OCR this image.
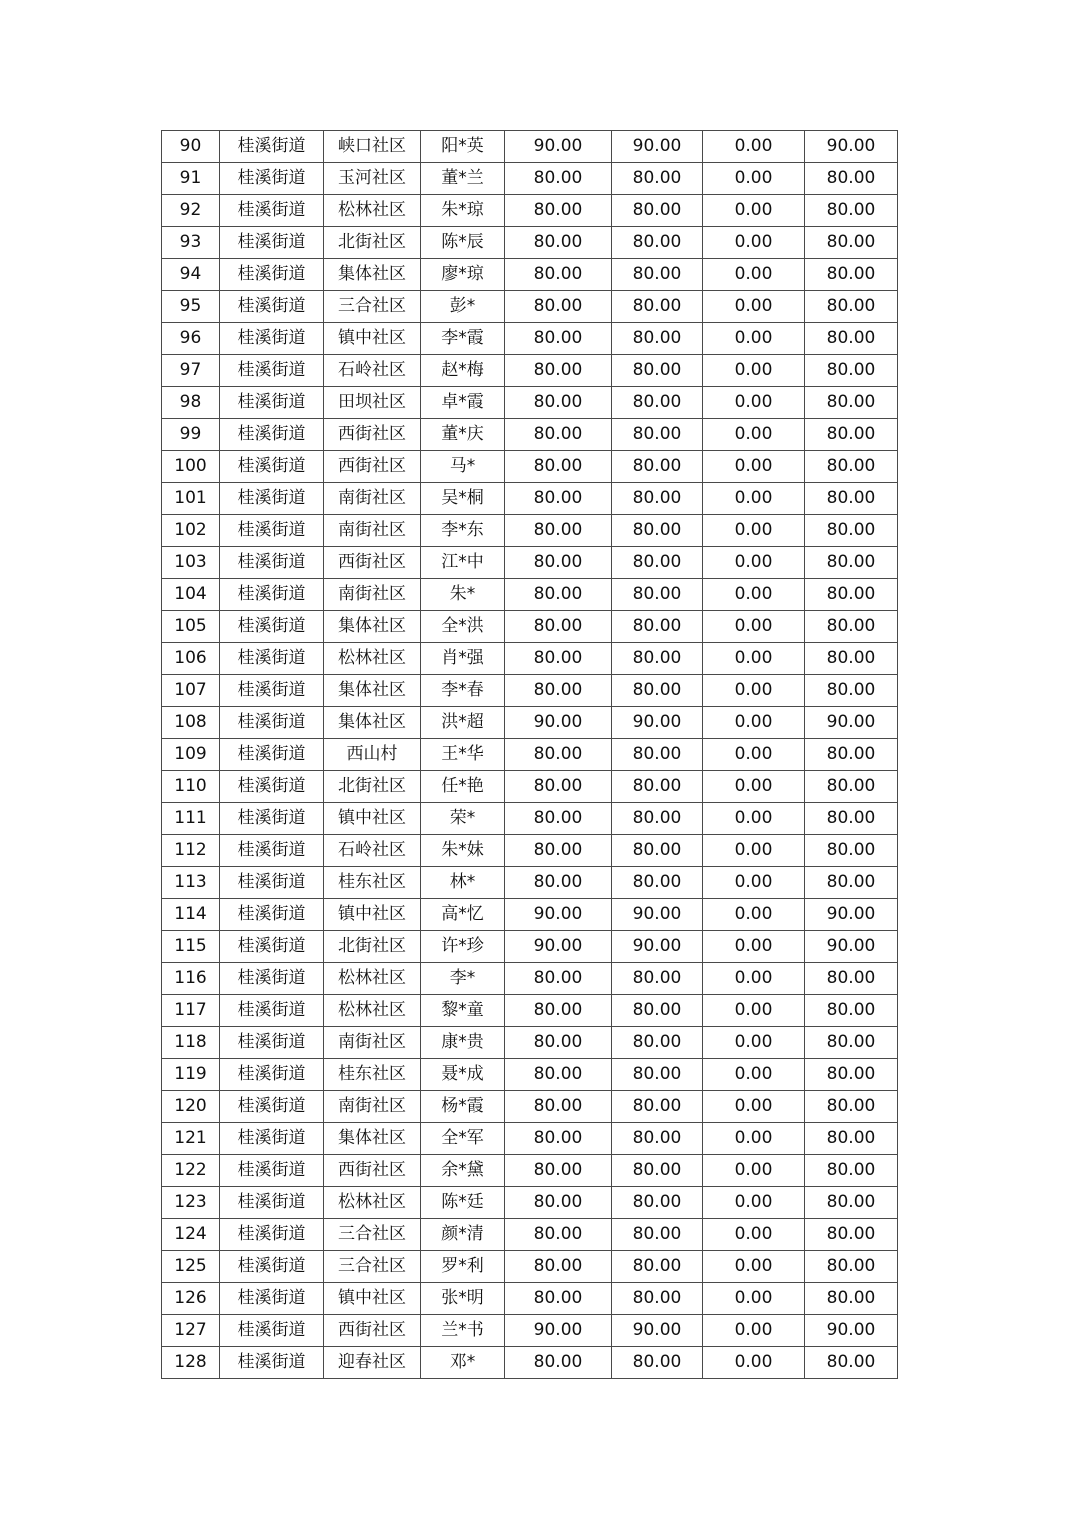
90	桂溪街道	峡口社区	阳*英	90.00	90.00	0.00	90.00
91	桂溪街道	玉河社区	董*兰	80.00	80.00	0.00	80.00
92	桂溪街道	松林社区	朱*琼	80.00	80.00	0.00	80.00
93	桂溪街道	北街社区	陈*辰	80.00	80.00	0.00	80.00
94	桂溪街道	集体社区	廖*琼	80.00	80.00	0.00	80.00
95	桂溪街道	三合社区	彭*	80.00	80.00	0.00	80.00
96	桂溪街道	镇中社区	李*霞	80.00	80.00	0.00	80.00
97	桂溪街道	石岭社区	赵*梅	80.00	80.00	0.00	80.00
98	桂溪街道	田坝社区	卓*霞	80.00	80.00	0.00	80.00
99	桂溪街道	西街社区	董*庆	80.00	80.00	0.00	80.00
100	桂溪街道	西街社区	马*	80.00	80.00	0.00	80.00
101	桂溪街道	南街社区	吴*桐	80.00	80.00	0.00	80.00
102	桂溪街道	南街社区	李*东	80.00	80.00	0.00	80.00
103	桂溪街道	西街社区	江*中	80.00	80.00	0.00	80.00
104	桂溪街道	南街社区	朱*	80.00	80.00	0.00	80.00
105	桂溪街道	集体社区	全*洪	80.00	80.00	0.00	80.00
106	桂溪街道	松林社区	肖*强	80.00	80.00	0.00	80.00
107	桂溪街道	集体社区	李*春	80.00	80.00	0.00	80.00
108	桂溪街道	集体社区	洪*超	90.00	90.00	0.00	90.00
109	桂溪街道	西山村	王*华	80.00	80.00	0.00	80.00
110	桂溪街道	北街社区	任*艳	80.00	80.00	0.00	80.00
111	桂溪街道	镇中社区	荣*	80.00	80.00	0.00	80.00
112	桂溪街道	石岭社区	朱*妹	80.00	80.00	0.00	80.00
113	桂溪街道	桂东社区	林*	80.00	80.00	0.00	80.00
114	桂溪街道	镇中社区	高*忆	90.00	90.00	0.00	90.00
115	桂溪街道	北街社区	许*珍	90.00	90.00	0.00	90.00
116	桂溪街道	松林社区	李*	80.00	80.00	0.00	80.00
117	桂溪街道	松林社区	黎*童	80.00	80.00	0.00	80.00
118	桂溪街道	南街社区	康*贵	80.00	80.00	0.00	80.00
119	桂溪街道	桂东社区	聂*成	80.00	80.00	0.00	80.00
120	桂溪街道	南街社区	杨*霞	80.00	80.00	0.00	80.00
121	桂溪街道	集体社区	全*军	80.00	80.00	0.00	80.00
122	桂溪街道	西街社区	余*黛	80.00	80.00	0.00	80.00
123	桂溪街道	松林社区	陈*廷	80.00	80.00	0.00	80.00
124	桂溪街道	三合社区	颜*清	80.00	80.00	0.00	80.00
125	桂溪街道	三合社区	罗*利	80.00	80.00	0.00	80.00
126	桂溪街道	镇中社区	张*明	80.00	80.00	0.00	80.00
127	桂溪街道	西街社区	兰*书	90.00	90.00	0.00	90.00
128	桂溪街道	迎春社区	邓*	80.00	80.00	0.00	80.00
